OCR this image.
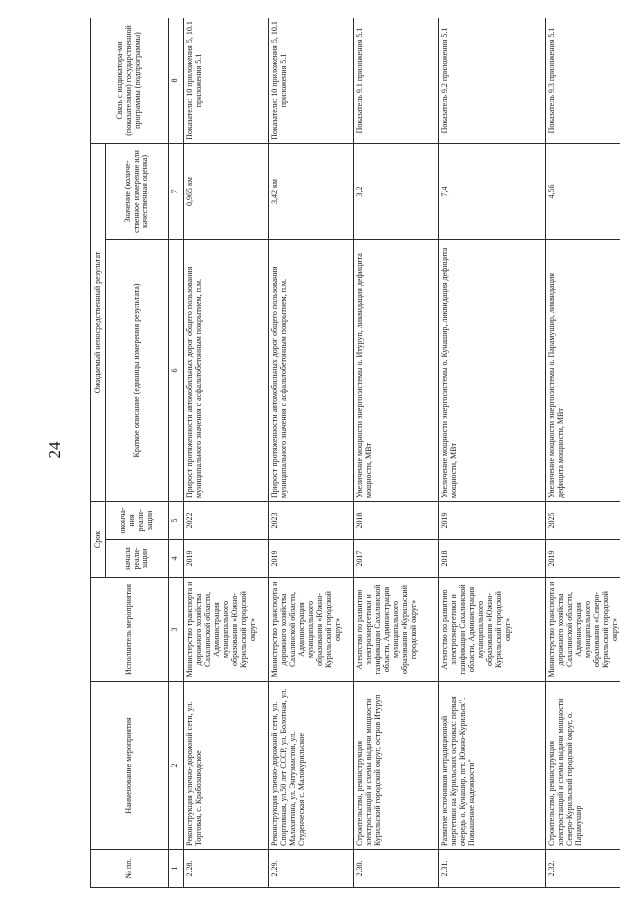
24
№ пп.	Наименование мероприятия	Исполнитель мероприятия	Срок		Ожидаемый непосредственный результат		Связь с индикатора-ми (показателями) государственной программы (подпрограммы)
			начала реали-зации	оконча-ния реали-зации	Краткое описание (единицы измерения результата)	Значение (количе-ственное измерение или качественная оценка)	
1	2	3	4	5	6	7	8
2.28.	Реконструкция улично-дорожной сети, ул. Торговая, с. Крабозаводское	Министерство транспорта и дорожного хозяйства Сахалинской области, Администрация муниципального образования «Южно-Курильский городской округ»	2019	2022	Прирост протяженности автомобильных дорог общего пользования муниципального значения с асфальтобетонным покрытием, п.м.	0,965 км	Показатели: 10 приложения 5, 10.1 приложения 5.1
2.29.	Реконструкция улично-дорожной сети, ул. Спортивная, ул.50 лет СССР, ул. Болотная, ул. Малахитина, ул. Энтузиастов, ул. Студенческая с. Малокурильское	Министерство транспорта и дорожного хозяйства Сахалинской области, Администрация муниципального образования «Южно-Курильский городской округ»	2019	2023	Прирост протяженности автомобильных дорог общего пользования муниципального значения с асфальтобетонным покрытием, п.м.	3,42 км	Показатели: 10 приложения 5, 10.1 приложения 5.1
2.30.	Строительство, реконструкция электростанций и схемы выдачи мощности Курильский городской округ, остров Итуруп	Агентство по развитию электроэнергетики и газификации Сахалинской области, Администрация муниципального образования «Курильский городской округ»	2017	2018	Увеличение мощности энергосистемы о. Итуруп, ликвидация дефицита мощности, МВт	3,2	Показатель 9.1 приложения 5.1
2.31.	Развитие источников нетрадиционной энергетики на Курильских островах: первая очередь о. Кунашир, пгт. Южно-Курильск". Повышение надежности"	Агентство по развитию электроэнергетики и газификации Сахалинской области, Администрация муниципального образования «Южно-Курильский городской округ»	2018	2019	Увеличение мощности энергосистемы о. Кунашир, ликвидация дефицита мощности, МВт	7,4	Показатель 9.2 приложения 5.1
2.32.	Строительство, реконструкция электростанций и схемы выдачи мощности Северо-Курильский городской округ, о. Парамушир	Министерство транспорта и дорожного хозяйства Сахалинской области, Администрация муниципального образования «Северо-Курильский городской округ»	2019	2025	Увеличение мощности энергосистемы о. Парамушир, ликвидация дефицита мощности, МВт	4,56	Показатель 9.3 приложения 5.1
